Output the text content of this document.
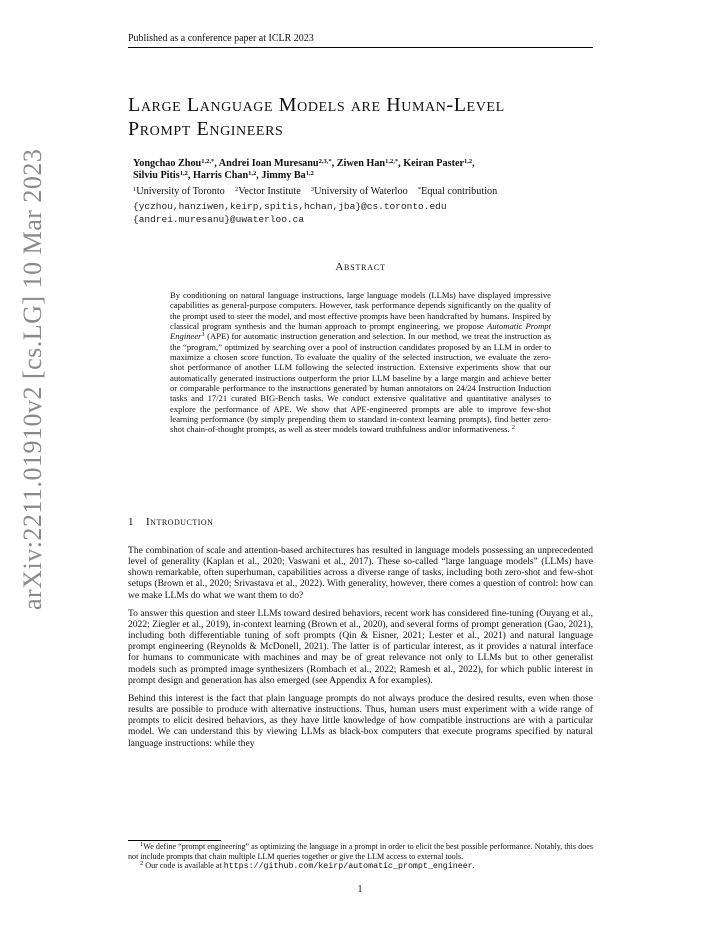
Published as a conference paper at ICLR 2023
arXiv:2211.01910v2 [cs.LG] 10 Mar 2023
Large Language Models are Human-Level
Prompt Engineers
Yongchao Zhou$^{1,2,*}$, Andrei Ioan Muresanu$^{2,3,*}$, Ziwen Han$^{1,2,*}$, Keiran Paster$^{1,2}$,
Silviu Pitis$^{1,2}$, Harris Chan$^{1,2}$, Jimmy Ba$^{1,2}$
$^1$University of Toronto $^2$Vector Institute $^3$University of Waterloo *Equal contribution
{yczhou,hanziwen,keirp,spitis,hchan,jba}@cs.toronto.edu
{andrei.muresanu}@uwaterloo.ca
Abstract
By conditioning on natural language instructions, large language models (LLMs) have displayed impressive capabilities as general-purpose computers. However, task performance depends significantly on the quality of the prompt used to steer the model, and most effective prompts have been handcrafted by humans. Inspired by classical program synthesis and the human approach to prompt engineering, we propose Automatic Prompt Engineer$^1$ (APE) for automatic instruction generation and selection. In our method, we treat the instruction as the “program,” optimized by searching over a pool of instruction candidates proposed by an LLM in order to maximize a chosen score function. To evaluate the quality of the selected instruction, we evaluate the zero-shot performance of another LLM following the selected instruction. Extensive experiments show that our automatically generated instructions outperform the prior LLM baseline by a large margin and achieve better or comparable performance to the instructions generated by human annotators on 24/24 Instruction Induction tasks and 17/21 curated BIG-Bench tasks. We conduct extensive qualitative and quantitative analyses to explore the performance of APE. We show that APE-engineered prompts are able to improve few-shot learning performance (by simply prepending them to standard in-context learning prompts), find better zero-shot chain-of-thought prompts, as well as steer models toward truthfulness and/or informativeness. $^2$
1 Introduction

The combination of scale and attention-based architectures has resulted in language models possessing an unprecedented level of generality (Kaplan et al., 2020; Vaswani et al., 2017). These so-called “large language models” (LLMs) have shown remarkable, often superhuman, capabilities across a diverse range of tasks, including both zero-shot and few-shot setups (Brown et al., 2020; Srivastava et al., 2022). With generality, however, there comes a question of control: how can we make LLMs do what we want them to do?

To answer this question and steer LLMs toward desired behaviors, recent work has considered fine-tuning (Ouyang et al., 2022; Ziegler et al., 2019), in-context learning (Brown et al., 2020), and several forms of prompt generation (Gao, 2021), including both differentiable tuning of soft prompts (Qin & Eisner, 2021; Lester et al., 2021) and natural language prompt engineering (Reynolds & McDonell, 2021). The latter is of particular interest, as it provides a natural interface for humans to communicate with machines and may be of great relevance not only to LLMs but to other generalist models such as prompted image synthesizers (Rombach et al., 2022; Ramesh et al., 2022), for which public interest in prompt design and generation has also emerged (see Appendix A for examples).

Behind this interest is the fact that plain language prompts do not always produce the desired results, even when those results are possible to produce with alternative instructions. Thus, human users must experiment with a wide range of prompts to elicit desired behaviors, as they have little knowledge of how compatible instructions are with a particular model. We can understand this by viewing LLMs as black-box computers that execute programs specified by natural language instructions: while they

$^1$We define “prompt engineering” as optimizing the language in a prompt in order to elicit the best possible performance. Notably, this does not include prompts that chain multiple LLM queries together or give the LLM access to external tools.

$^2$ Our code is available at https://github.com/keirp/automatic_prompt_engineer.

1
